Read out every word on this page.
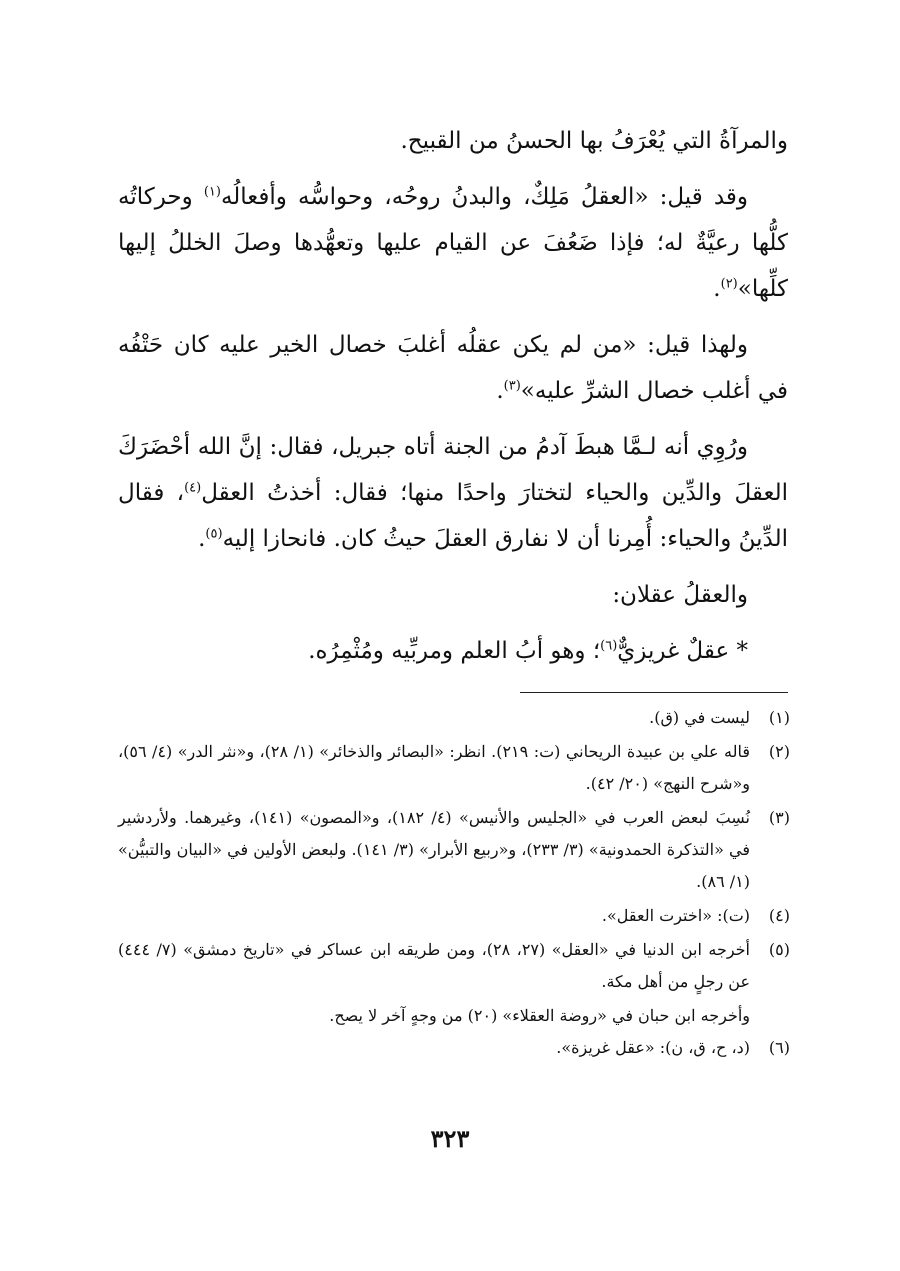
والمرآةُ التي يُعْرَفُ بها الحسنُ من القبيح.

وقد قيل: «العقلُ مَلِكٌ، والبدنُ روحُه، وحواسُّه وأفعالُه$^{(١)}$ وحركاتُه كلُّها رعيَّةٌ له؛ فإذا ضَعُفَ عن القيام عليها وتعهُّدها وصلَ الخللُ إليها كلِّها»$^{(٢)}$.

ولهذا قيل: «من لم يكن عقلُه أغلبَ خصال الخير عليه كان حَتْفُه في أغلب خصال الشرِّ عليه»$^{(٣)}$.

ورُوِي أنه لـمَّا هبطَ آدمُ من الجنة أتاه جبريل، فقال: إنَّ الله أحْضَرَكَ العقلَ والدِّين والحياء لتختارَ واحدًا منها؛ فقال: أخذتُ العقل$^{(٤)}$، فقال الدِّينُ والحياء: أُمِرنا أن لا نفارق العقلَ حيثُ كان. فانحازا إليه$^{(٥)}$.

والعقلُ عقلان:

* عقلٌ غريزيٌّ$^{(٦)}$؛ وهو أبُ العلم ومربِّيه ومُثْمِرُه.

(١)
ليست في (ق).
(٢)
قاله علي بن عبيدة الريحاني (ت: ٢١٩). انظر: «البصائر والذخائر» (١/ ٢٨)، و«نثر الدر» (٤/ ٥٦)، و«شرح النهج» (٢٠/ ٤٢).
(٣)
نُسِبَ لبعض العرب في «الجليس والأنيس» (٤/ ١٨٢)، و«المصون» (١٤١)، وغيرهما. ولأردشير في «التذكرة الحمدونية» (٣/ ٢٣٣)، و«ربيع الأبرار» (٣/ ١٤١). ولبعض الأولين في «البيان والتبيُّن» (١/ ٨٦).
(٤)
(ت): «اخترت العقل».
(٥)
أخرجه ابن الدنيا في «العقل» (٢٧، ٢٨)، ومن طريقه ابن عساكر في «تاريخ دمشق» (٧/ ٤٤٤) عن رجلٍ من أهل مكة.
وأخرجه ابن حبان في «روضة العقلاء» (٢٠) من وجهٍ آخر لا يصح.
(٦)
(د، ح، ق، ن): «عقل غريزة».
٣٢٣
